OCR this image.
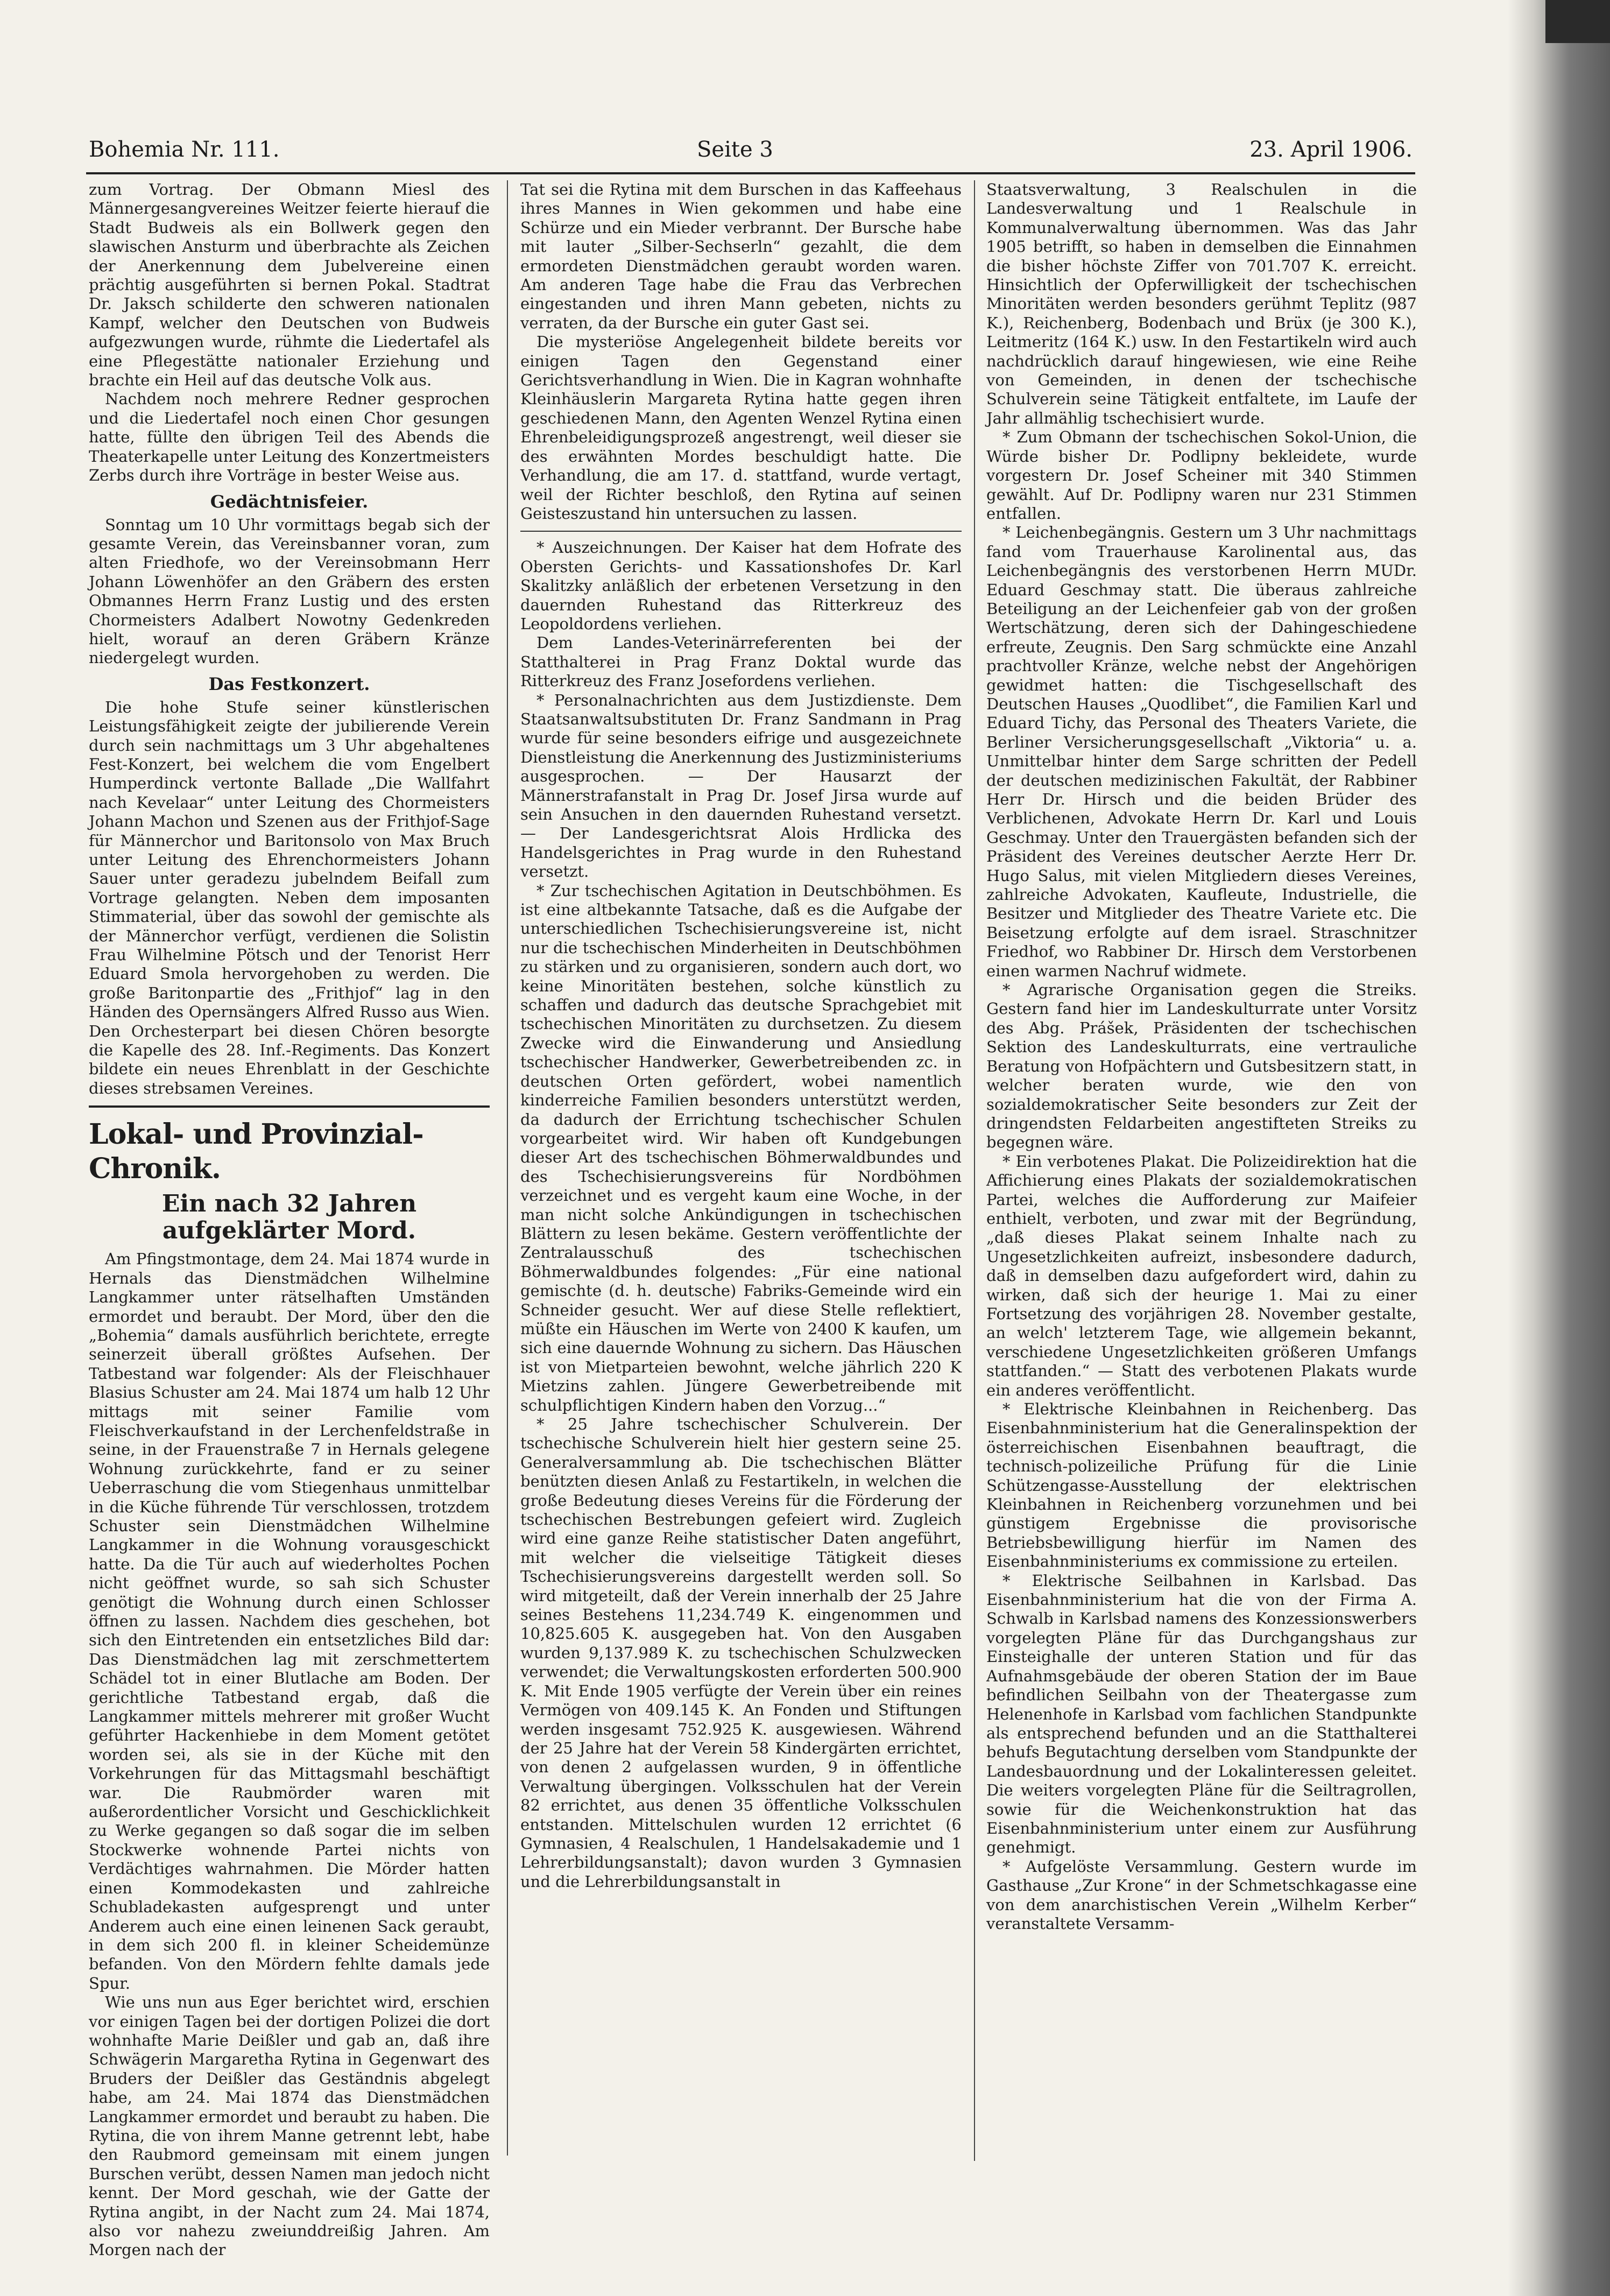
Bohemia Nr. 111.	Seite 3	23. April 1906.

zum Vortrag. Der Obmann Miesl des Männergesangvereines Weitzer feierte hierauf die Stadt Budweis als ein Bollwerk gegen den slawischen Ansturm und überbrachte als Zeichen der Anerkennung dem Jubelvereine einen prächtig ausgeführten si bernen Pokal. Stadtrat Dr. Jaksch schilderte den schweren nationalen Kampf, welcher den Deutschen von Budweis aufgezwungen wurde, rühmte die Liedertafel als eine Pflegestätte nationaler Erziehung und brachte ein Heil auf das deutsche Volk aus.

Nachdem noch mehrere Redner gesprochen und die Liedertafel noch einen Chor gesungen hatte, füllte den übrigen Teil des Abends die Theaterkapelle unter Leitung des Konzertmeisters Zerbs durch ihre Vorträge in bester Weise aus.

Gedächtnisfeier.

Sonntag um 10 Uhr vormittags begab sich der gesamte Verein, das Vereinsbanner voran, zum alten Friedhofe, wo der Vereinsobmann Herr Johann Löwenhöfer an den Gräbern des ersten Obmannes Herrn Franz Lustig und des ersten Chormeisters Adalbert Nowotny Gedenkreden hielt, worauf an deren Gräbern Kränze niedergelegt wurden.

Das Festkonzert.

Die hohe Stufe seiner künstlerischen Leistungsfähigkeit zeigte der jubilierende Verein durch sein nachmittags um 3 Uhr abgehaltenes Fest-Konzert, bei welchem die vom Engelbert Humperdinck vertonte Ballade „Die Wallfahrt nach Kevelaar“ unter Leitung des Chormeisters Johann Machon und Szenen aus der Frithjof-Sage für Männerchor und Baritonsolo von Max Bruch unter Leitung des Ehrenchormeisters Johann Sauer unter geradezu jubelndem Beifall zum Vortrage gelangten. Neben dem imposanten Stimmaterial, über das sowohl der gemischte als der Männerchor verfügt, verdienen die Solistin Frau Wilhelmine Pötsch und der Tenorist Herr Eduard Smola hervorgehoben zu werden. Die große Baritonpartie des „Frithjof“ lag in den Händen des Opernsängers Alfred Russo aus Wien. Den Orchesterpart bei diesen Chören besorgte die Kapelle des 28. Inf.-Regiments. Das Konzert bildete ein neues Ehrenblatt in der Geschichte dieses strebsamen Vereines.

Lokal- und Provinzial-Chronik.
Ein nach 32 Jahren aufgeklärter Mord.

Am Pfingstmontage, dem 24. Mai 1874 wurde in Hernals das Dienstmädchen Wilhelmine Langkammer unter rätselhaften Umständen ermordet und beraubt. Der Mord, über den die „Bohemia“ damals ausführlich berichtete, erregte seinerzeit überall größtes Aufsehen. Der Tatbestand war folgender: Als der Fleischhauer Blasius Schuster am 24. Mai 1874 um halb 12 Uhr mittags mit seiner Familie vom Fleischverkaufstand in der Lerchenfeldstraße in seine, in der Frauenstraße 7 in Hernals gelegene Wohnung zurückkehrte, fand er zu seiner Ueberraschung die vom Stiegenhaus unmittelbar in die Küche führende Tür verschlossen, trotzdem Schuster sein Dienstmädchen Wilhelmine Langkammer in die Wohnung vorausgeschickt hatte. Da die Tür auch auf wiederholtes Pochen nicht geöffnet wurde, so sah sich Schuster genötigt die Wohnung durch einen Schlosser öffnen zu lassen. Nachdem dies geschehen, bot sich den Eintretenden ein entsetzliches Bild dar: Das Dienstmädchen lag mit zerschmettertem Schädel tot in einer Blutlache am Boden. Der gerichtliche Tatbestand ergab, daß die Langkammer mittels mehrerer mit großer Wucht geführter Hackenhiebe in dem Moment getötet worden sei, als sie in der Küche mit den Vorkehrungen für das Mittagsmahl beschäftigt war. Die Raubmörder waren mit außerordentlicher Vorsicht und Geschicklichkeit zu Werke gegangen so daß sogar die im selben Stockwerke wohnende Partei nichts von Verdächtiges wahrnahmen. Die Mörder hatten einen Kommodekasten und zahlreiche Schubladekasten aufgesprengt und unter Anderem auch eine einen leinenen Sack geraubt, in dem sich 200 fl. in kleiner Scheidemünze befanden. Von den Mördern fehlte damals jede Spur.

Wie uns nun aus Eger berichtet wird, erschien vor einigen Tagen bei der dortigen Polizei die dort wohnhafte Marie Deißler und gab an, daß ihre Schwägerin Margaretha Rytina in Gegenwart des Bruders der Deißler das Geständnis abgelegt habe, am 24. Mai 1874 das Dienstmädchen Langkammer ermordet und beraubt zu haben. Die Rytina, die von ihrem Manne getrennt lebt, habe den Raubmord gemeinsam mit einem jungen Burschen verübt, dessen Namen man jedoch nicht kennt. Der Mord geschah, wie der Gatte der Rytina angibt, in der Nacht zum 24. Mai 1874, also vor nahezu zweiunddreißig Jahren. Am Morgen nach der

Tat sei die Rytina mit dem Burschen in das Kaffeehaus ihres Mannes in Wien gekommen und habe eine Schürze und ein Mieder verbrannt. Der Bursche habe mit lauter „Silber-Sechserln“ gezahlt, die dem ermordeten Dienstmädchen geraubt worden waren. Am anderen Tage habe die Frau das Verbrechen eingestanden und ihren Mann gebeten, nichts zu verraten, da der Bursche ein guter Gast sei.

Die mysteriöse Angelegenheit bildete bereits vor einigen Tagen den Gegenstand einer Gerichtsverhandlung in Wien. Die in Kagran wohnhafte Kleinhäuslerin Margareta Rytina hatte gegen ihren geschiedenen Mann, den Agenten Wenzel Rytina einen Ehrenbeleidigungsprozeß angestrengt, weil dieser sie des erwähnten Mordes beschuldigt hatte. Die Verhandlung, die am 17. d. stattfand, wurde vertagt, weil der Richter beschloß, den Rytina auf seinen Geisteszustand hin untersuchen zu lassen.

* Auszeichnungen. Der Kaiser hat dem Hofrate des Obersten Gerichts- und Kassationshofes Dr. Karl Skalitzky anläßlich der erbetenen Versetzung in den dauernden Ruhestand das Ritterkreuz des Leopoldordens verliehen.

Dem Landes-Veterinärreferenten bei der Statthalterei in Prag Franz Doktal wurde das Ritterkreuz des Franz Josefordens verliehen.

* Personalnachrichten aus dem Justizdienste. Dem Staatsanwaltsubstituten Dr. Franz Sandmann in Prag wurde für seine besonders eifrige und ausgezeichnete Dienstleistung die Anerkennung des Justizministeriums ausgesprochen. — Der Hausarzt der Männerstrafanstalt in Prag Dr. Josef Jirsa wurde auf sein Ansuchen in den dauernden Ruhestand versetzt. — Der Landesgerichtsrat Alois Hrdlicka des Handelsgerichtes in Prag wurde in den Ruhestand versetzt.

* Zur tschechischen Agitation in Deutschböhmen. Es ist eine altbekannte Tatsache, daß es die Aufgabe der unterschiedlichen Tschechisierungsvereine ist, nicht nur die tschechischen Minderheiten in Deutschböhmen zu stärken und zu organisieren, sondern auch dort, wo keine Minoritäten bestehen, solche künstlich zu schaffen und dadurch das deutsche Sprachgebiet mit tschechischen Minoritäten zu durchsetzen. Zu diesem Zwecke wird die Einwanderung und Ansiedlung tschechischer Handwerker, Gewerbetreibenden zc. in deutschen Orten gefördert, wobei namentlich kinderreiche Familien besonders unterstützt werden, da dadurch der Errichtung tschechischer Schulen vorgearbeitet wird. Wir haben oft Kundgebungen dieser Art des tschechischen Böhmerwaldbundes und des Tschechisierungsvereins für Nordböhmen verzeichnet und es vergeht kaum eine Woche, in der man nicht solche Ankündigungen in tschechischen Blättern zu lesen bekäme. Gestern veröffentlichte der Zentralausschuß des tschechischen Böhmerwaldbundes folgendes: „Für eine national gemischte (d. h. deutsche) Fabriks-Gemeinde wird ein Schneider gesucht. Wer auf diese Stelle reflektiert, müßte ein Häuschen im Werte von 2400 K kaufen, um sich eine dauernde Wohnung zu sichern. Das Häuschen ist von Mietparteien bewohnt, welche jährlich 220 K Mietzins zahlen. Jüngere Gewerbetreibende mit schulpflichtigen Kindern haben den Vorzug...“

* 25 Jahre tschechischer Schulverein. Der tschechische Schulverein hielt hier gestern seine 25. Generalversammlung ab. Die tschechischen Blätter benützten diesen Anlaß zu Festartikeln, in welchen die große Bedeutung dieses Vereins für die Förderung der tschechischen Bestrebungen gefeiert wird. Zugleich wird eine ganze Reihe statistischer Daten angeführt, mit welcher die vielseitige Tätigkeit dieses Tschechisierungsvereins dargestellt werden soll. So wird mitgeteilt, daß der Verein innerhalb der 25 Jahre seines Bestehens 11,234.749 K. eingenommen und 10,825.605 K. ausgegeben hat. Von den Ausgaben wurden 9,137.989 K. zu tschechischen Schulzwecken verwendet; die Verwaltungskosten erforderten 500.900 K. Mit Ende 1905 verfügte der Verein über ein reines Vermögen von 409.145 K. An Fonden und Stiftungen werden insgesamt 752.925 K. ausgewiesen. Während der 25 Jahre hat der Verein 58 Kindergärten errichtet, von denen 2 aufgelassen wurden, 9 in öffentliche Verwaltung übergingen. Volksschulen hat der Verein 82 errichtet, aus denen 35 öffentliche Volksschulen entstanden. Mittelschulen wurden 12 errichtet (6 Gymnasien, 4 Realschulen, 1 Handelsakademie und 1 Lehrerbildungsanstalt); davon wurden 3 Gymnasien und die Lehrerbildungsanstalt in

Staatsverwaltung, 3 Realschulen in die Landesverwaltung und 1 Realschule in Kommunalverwaltung übernommen. Was das Jahr 1905 betrifft, so haben in demselben die Einnahmen die bisher höchste Ziffer von 701.707 K. erreicht. Hinsichtlich der Opferwilligkeit der tschechischen Minoritäten werden besonders gerühmt Teplitz (987 K.), Reichenberg, Bodenbach und Brüx (je 300 K.), Leitmeritz (164 K.) usw. In den Festartikeln wird auch nachdrücklich darauf hingewiesen, wie eine Reihe von Gemeinden, in denen der tschechische Schulverein seine Tätigkeit entfaltete, im Laufe der Jahr allmählig tschechisiert wurde.

* Zum Obmann der tschechischen Sokol-Union, die Würde bisher Dr. Podlipny bekleidete, wurde vorgestern Dr. Josef Scheiner mit 340 Stimmen gewählt. Auf Dr. Podlipny waren nur 231 Stimmen entfallen.

* Leichenbegängnis. Gestern um 3 Uhr nachmittags fand vom Trauerhause Karolinental aus, das Leichenbegängnis des verstorbenen Herrn MUDr. Eduard Geschmay statt. Die überaus zahlreiche Beteiligung an der Leichenfeier gab von der großen Wertschätzung, deren sich der Dahingeschiedene erfreute, Zeugnis. Den Sarg schmückte eine Anzahl prachtvoller Kränze, welche nebst der Angehörigen gewidmet hatten: die Tischgesellschaft des Deutschen Hauses „Quodlibet“, die Familien Karl und Eduard Tichy, das Personal des Theaters Variete, die Berliner Versicherungsgesellschaft „Viktoria“ u. a. Unmittelbar hinter dem Sarge schritten der Pedell der deutschen medizinischen Fakultät, der Rabbiner Herr Dr. Hirsch und die beiden Brüder des Verblichenen, Advokate Herrn Dr. Karl und Louis Geschmay. Unter den Trauergästen befanden sich der Präsident des Vereines deutscher Aerzte Herr Dr. Hugo Salus, mit vielen Mitgliedern dieses Vereines, zahlreiche Advokaten, Kaufleute, Industrielle, die Besitzer und Mitglieder des Theatre Variete etc. Die Beisetzung erfolgte auf dem israel. Straschnitzer Friedhof, wo Rabbiner Dr. Hirsch dem Verstorbenen einen warmen Nachruf widmete.

* Agrarische Organisation gegen die Streiks. Gestern fand hier im Landeskulturrate unter Vorsitz des Abg. Prášek, Präsidenten der tschechischen Sektion des Landeskulturrats, eine vertrauliche Beratung von Hofpächtern und Gutsbesitzern statt, in welcher beraten wurde, wie den von sozialdemokratischer Seite besonders zur Zeit der dringendsten Feldarbeiten angestifteten Streiks zu begegnen wäre.

* Ein verbotenes Plakat. Die Polizeidirektion hat die Affichierung eines Plakats der sozialdemokratischen Partei, welches die Aufforderung zur Maifeier enthielt, verboten, und zwar mit der Begründung, „daß dieses Plakat seinem Inhalte nach zu Ungesetzlichkeiten aufreizt, insbesondere dadurch, daß in demselben dazu aufgefordert wird, dahin zu wirken, daß sich der heurige 1. Mai zu einer Fortsetzung des vorjährigen 28. November gestalte, an welch' letzterem Tage, wie allgemein bekannt, verschiedene Ungesetzlichkeiten größeren Umfangs stattfanden.“ — Statt des verbotenen Plakats wurde ein anderes veröffentlicht.

* Elektrische Kleinbahnen in Reichenberg. Das Eisenbahnministerium hat die Generalinspektion der österreichischen Eisenbahnen beauftragt, die technisch-polizeiliche Prüfung für die Linie Schützengasse-Ausstellung der elektrischen Kleinbahnen in Reichenberg vorzunehmen und bei günstigem Ergebnisse die provisorische Betriebsbewilligung hierfür im Namen des Eisenbahnministeriums ex commissione zu erteilen.

* Elektrische Seilbahnen in Karlsbad. Das Eisenbahnministerium hat die von der Firma A. Schwalb in Karlsbad namens des Konzessionswerbers vorgelegten Pläne für das Durchgangshaus zur Einsteighalle der unteren Station und für das Aufnahmsgebäude der oberen Station der im Baue befindlichen Seilbahn von der Theatergasse zum Helenenhofe in Karlsbad vom fachlichen Standpunkte als entsprechend befunden und an die Statthalterei behufs Begutachtung derselben vom Standpunkte der Landesbauordnung und der Lokalinteressen geleitet. Die weiters vorgelegten Pläne für die Seiltragrollen, sowie für die Weichenkonstruktion hat das Eisenbahnministerium unter einem zur Ausführung genehmigt.

* Aufgelöste Versammlung. Gestern wurde im Gasthause „Zur Krone“ in der Schmetschkagasse eine von dem anarchistischen Verein „Wilhelm Kerber“ veranstaltete Versamm-
